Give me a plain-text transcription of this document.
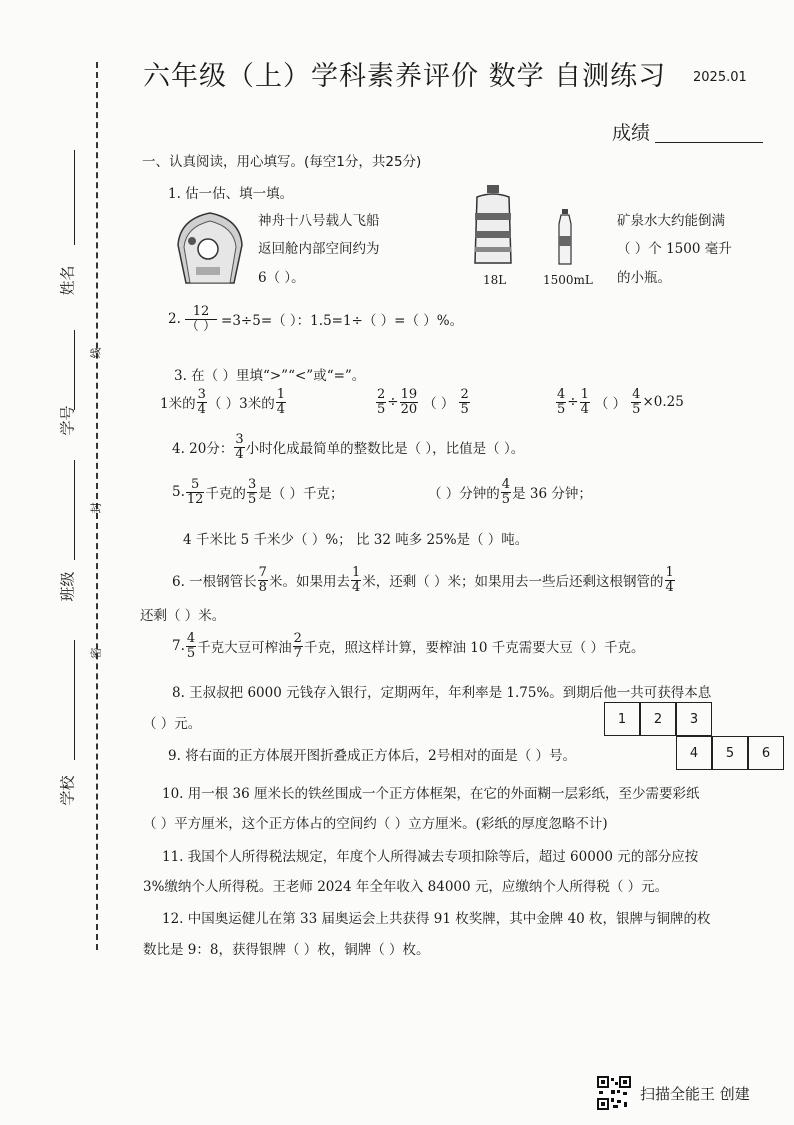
六年级（上）学科素养评价 数学 自测练习 2025.01
成绩
姓名
学号
班级
学校
线
封
密
一、认真阅读，用心填写。(每空1分，共25分)
1. 估一估、填一填。
神舟十八号载人飞船
返回舱内部空间约为
6（ ）。	18L	1500mL
矿泉水大约能倒满
（ ）个 1500 毫升
的小瓶。
2. 12
（ ） =3÷5=（ ）：1.5=1÷（ ）=（ ）%。
3. 在（ ）里填“>”“<”或“=”。
1米的 $\frac{3}{4}$ （ ）3米的 $\frac{1}{4}$	$\frac{2}{5} \div \frac{19}{20}$ （ ） $\frac{2}{5}$	$\frac{4}{5} \div \frac{1}{4}$ （ ） $\frac{4}{5} \times 0.25$
4. 20分： $\frac{3}{4}$ 小时化成最简单的整数比是（ ），比值是（ ）。
5. $\frac{5}{12}$ 千克的 $\frac{3}{5}$ 是（ ）千克；	（ ）分钟的 $\frac{4}{5}$ 是 36 分钟；
4 千米比 5 千米少（ ）%； 比 32 吨多 25%是（ ）吨。
6. 一根钢管长 $\frac{7}{8}$ 米。如果用去 $\frac{1}{4}$ 米，还剩（ ）米；如果用去一些后还剩这根钢管的 $\frac{1}{4}$
还剩（ ）米。
7. $\frac{4}{5}$ 千克大豆可榨油 $\frac{2}{7}$ 千克，照这样计算，要榨油 10 千克需要大豆（ ）千克。
8. 王叔叔把 6000 元钱存入银行，定期两年，年利率是 1.75%。到期后他一共可获得本息
（ ）元。	1	2	3
4	5	6
9. 将右面的正方体展开图折叠成正方体后，2号相对的面是（ ）号。
10. 用一根 36 厘米长的铁丝围成一个正方体框架，在它的外面糊一层彩纸，至少需要彩纸
（ ）平方厘米，这个正方体占的空间约（ ）立方厘米。(彩纸的厚度忽略不计)
11. 我国个人所得税法规定，年度个人所得减去专项扣除等后，超过 60000 元的部分应按
3%缴纳个人所得税。王老师 2024 年全年收入 84000 元，应缴纳个人所得税（ ）元。
12. 中国奥运健儿在第 33 届奥运会上共获得 91 枚奖牌，其中金牌 40 枚，银牌与铜牌的枚
数比是 9：8，获得银牌（ ）枚，铜牌（ ）枚。
扫描全能王 创建
